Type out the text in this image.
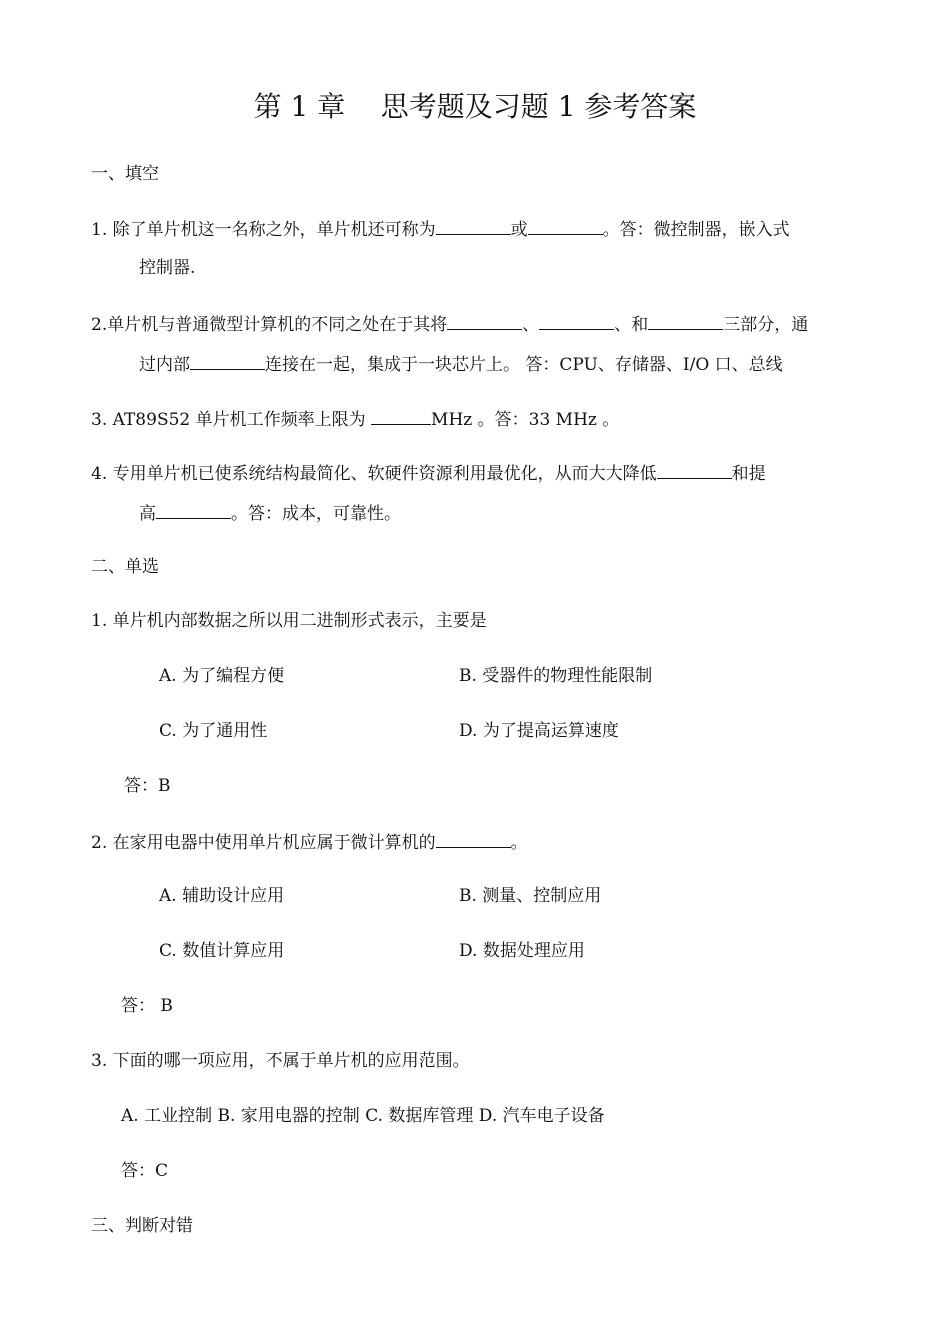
第 1 章    思考题及习题 1 参考答案
一、填空
1. 除了单片机这一名称之外，单片机还可称为	或	。答：微控制器，嵌入式
控制器.
2.单片机与普通微型计算机的不同之处在于其将	、	、和	三部分，通
过内部	连接在一起，集成于一块芯片上。 答：CPU、存储器、I/O 口、总线
3. AT89S52 单片机工作频率上限为	MHz 。答：33 MHz 。
4. 专用单片机已使系统结构最简化、软硬件资源利用最优化，从而大大降低	和提
高	。答：成本，可靠性。
二、单选
1. 单片机内部数据之所以用二进制形式表示，主要是
A. 为了编程方便	B. 受器件的物理性能限制
C. 为了通用性	D. 为了提高运算速度
答：B
2. 在家用电器中使用单片机应属于微计算机的	。
A. 辅助设计应用	B. 测量、控制应用
C. 数值计算应用	D. 数据处理应用
答： B
3. 下面的哪一项应用，不属于单片机的应用范围。
A. 工业控制 B. 家用电器的控制 C. 数据库管理 D. 汽车电子设备
答：C
三、判断对错
